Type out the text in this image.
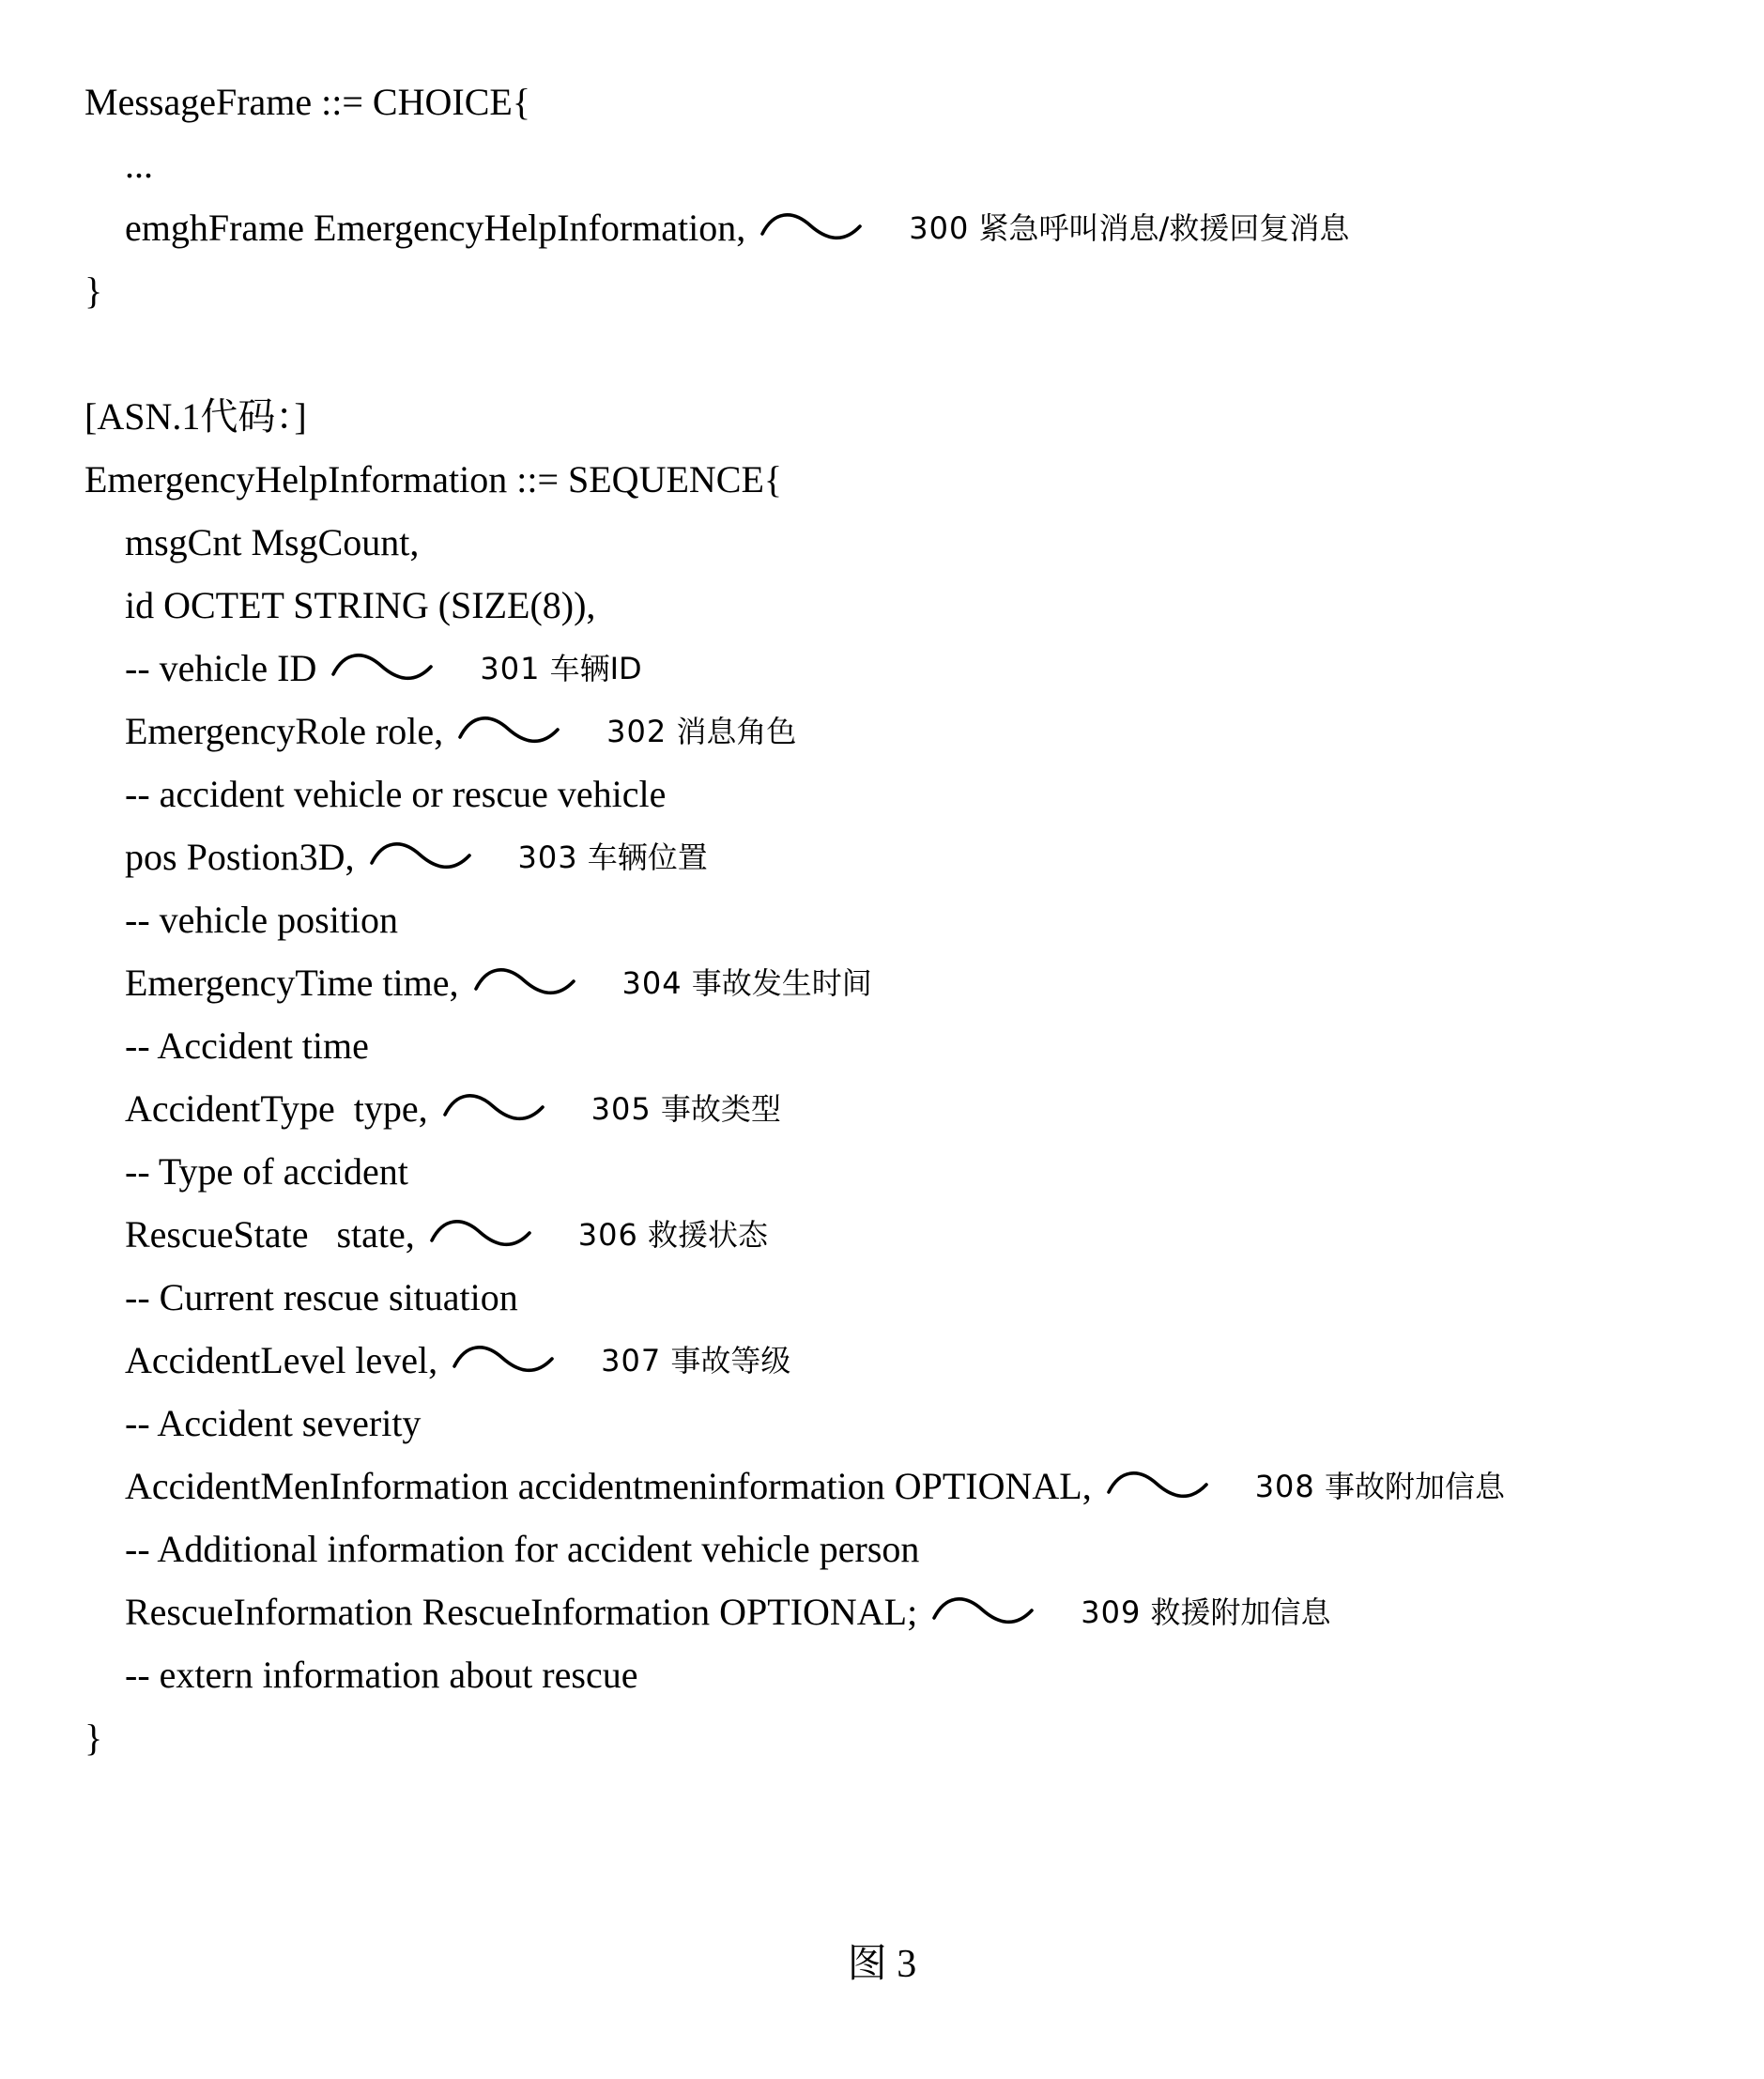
MessageFrame ::= CHOICE{
...
emghFrame EmergencyHelpInformation,	300 紧急呼叫消息/救援回复消息
}
[ASN.1代码：]
EmergencyHelpInformation ::= SEQUENCE{
msgCnt MsgCount,
id OCTET STRING (SIZE(8)),
-- vehicle ID	301 车辆ID
EmergencyRole role,	302 消息角色
-- accident vehicle or rescue vehicle
pos Postion3D,	303 车辆位置
-- vehicle position
EmergencyTime time,	304 事故发生时间
-- Accident time
AccidentType  type,	305 事故类型
-- Type of accident
RescueState   state,	306 救援状态
-- Current rescue situation
AccidentLevel level,	307 事故等级
-- Accident severity
AccidentMenInformation accidentmeninformation OPTIONAL,	308 事故附加信息
-- Additional information for accident vehicle person
RescueInformation RescueInformation OPTIONAL;	309 救援附加信息
-- extern information about rescue
}
图 3
